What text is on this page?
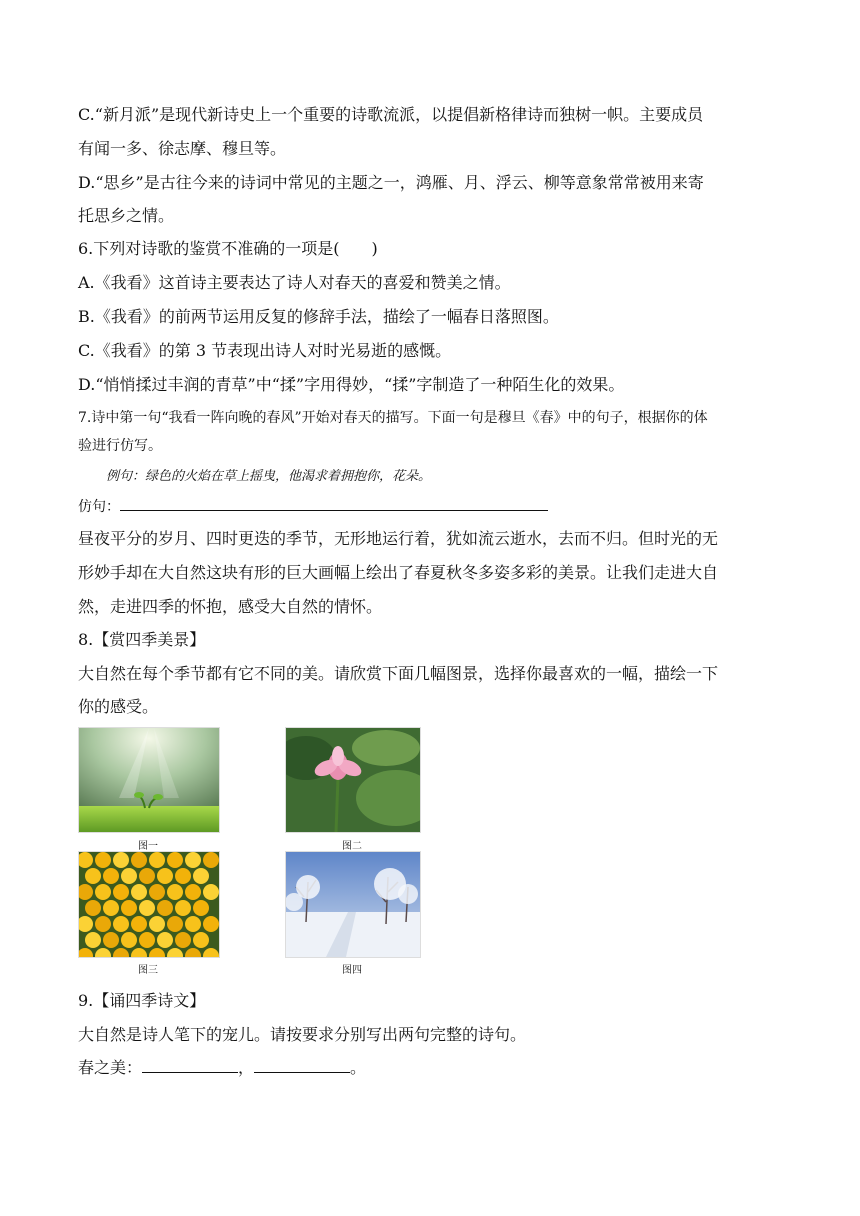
C.“新月派”是现代新诗史上一个重要的诗歌流派，以提倡新格律诗而独树一帜。主要成员
有闻一多、徐志摩、穆旦等。
D.“思乡”是古往今来的诗词中常见的主题之一，鸿雁、月、浮云、柳等意象常常被用来寄
托思乡之情。
6.下列对诗歌的鉴赏不准确的一项是(　　)
A.《我看》这首诗主要表达了诗人对春天的喜爱和赞美之情。
B.《我看》的前两节运用反复的修辞手法，描绘了一幅春日落照图。
C.《我看》的第 3 节表现出诗人对时光易逝的感慨。
D.“悄悄揉过丰润的青草”中“揉”字用得妙，“揉”字制造了一种陌生化的效果。
7.诗中第一句“我看一阵向晚的春风”开始对春天的描写。下面一句是穆旦《春》中的句子，根据你的体
验进行仿写。
例句：绿色的火焰在草上摇曳，他渴求着拥抱你，花朵。
仿句：
昼夜平分的岁月、四时更迭的季节，无形地运行着，犹如流云逝水，去而不归。但时光的无
形妙手却在大自然这块有形的巨大画幅上绘出了春夏秋冬多姿多彩的美景。让我们走进大自
然，走进四季的怀抱，感受大自然的情怀。
8.【赏四季美景】
大自然在每个季节都有它不同的美。请欣赏下面几幅图景，选择你最喜欢的一幅，描绘一下
你的感受。
图一	图二
图三	图四
9.【诵四季诗文】
大自然是诗人笔下的宠儿。请按要求分别写出两句完整的诗句。
春之美：	，	。
